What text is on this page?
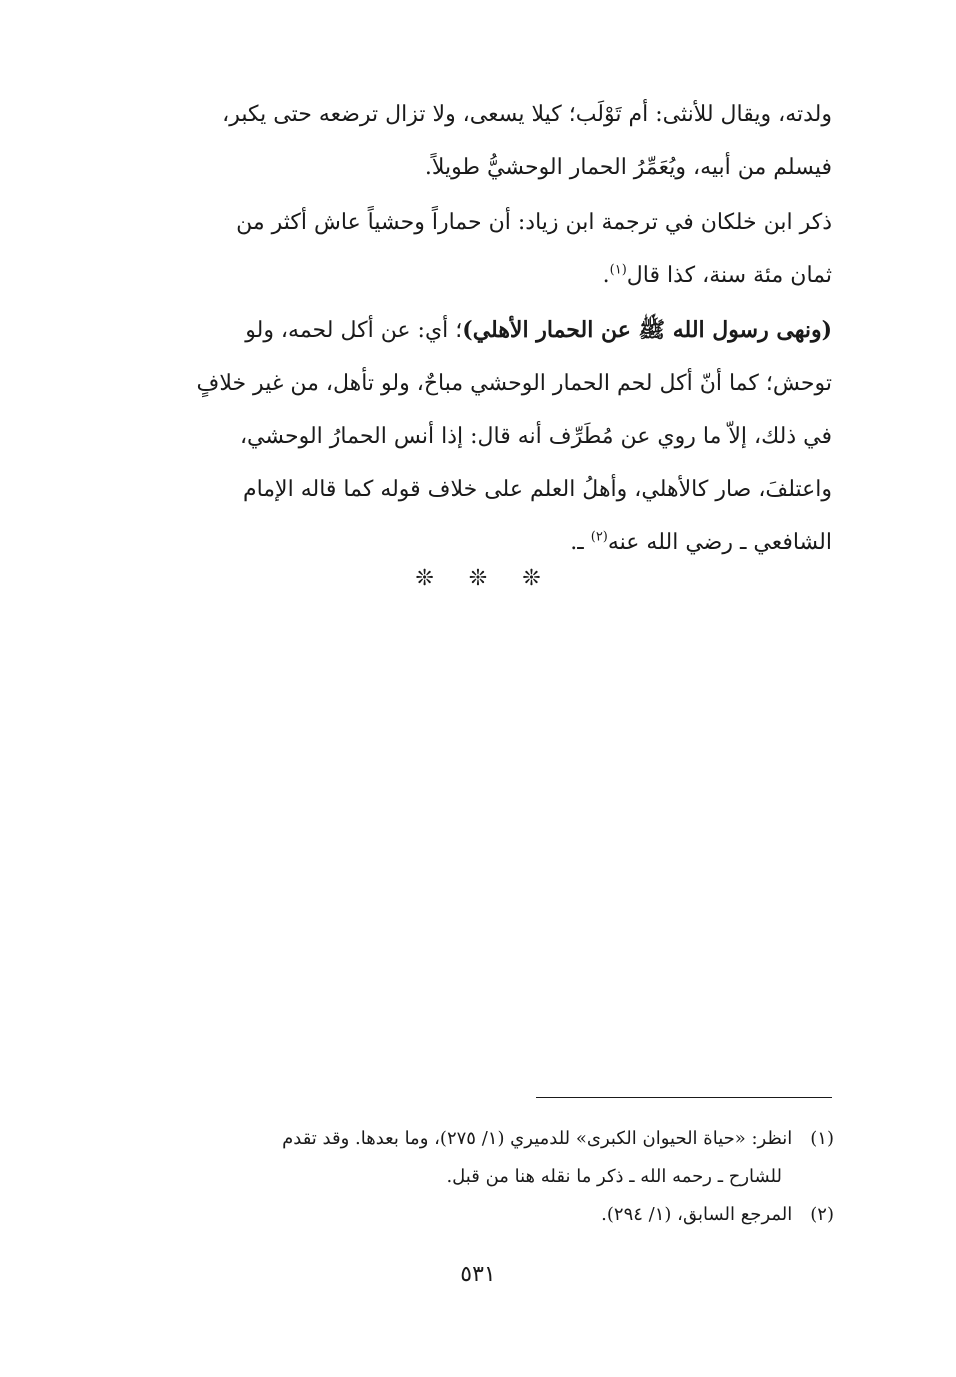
ولدته، ويقال للأنثى: أم تَوْلَب؛ كيلا يسعى، ولا تزال ترضعه حتى يكبر،
فيسلم من أبيه، ويُعَمِّرُ الحمار الوحشيُّ طويلاً.

ذكر ابن خلكان في ترجمة ابن زياد: أن حماراً وحشياً عاش أكثر من
ثمان مئة سنة، كذا قال$^{(١)}$.

(ونهى رسول الله ﷺ عن الحمار الأهلي)؛ أي: عن أكل لحمه، ولو
توحش؛ كما أنّ أكل لحم الحمار الوحشي مباحٌ، ولو تأهل، من غير خلافٍ
في ذلك، إلاّ ما روي عن مُطَرِّف أنه قال: إذا أنس الحمارُ الوحشي،
واعتلفَ، صار كالأهلي، وأهلُ العلم على خلاف قوله كما قاله الإمام
الشافعي ـ رضي الله عنه$^{(٢)}$ ـ.

❊ ❊ ❊

(١) انظر: «حياة الحيوان الكبرى» للدميري (١/ ٢٧٥)، وما بعدها. وقد تقدم

للشارح ـ رحمه الله ـ ذكر ما نقله هنا من قبل.

(٢) المرجع السابق، (١/ ٢٩٤).

٥٣١
